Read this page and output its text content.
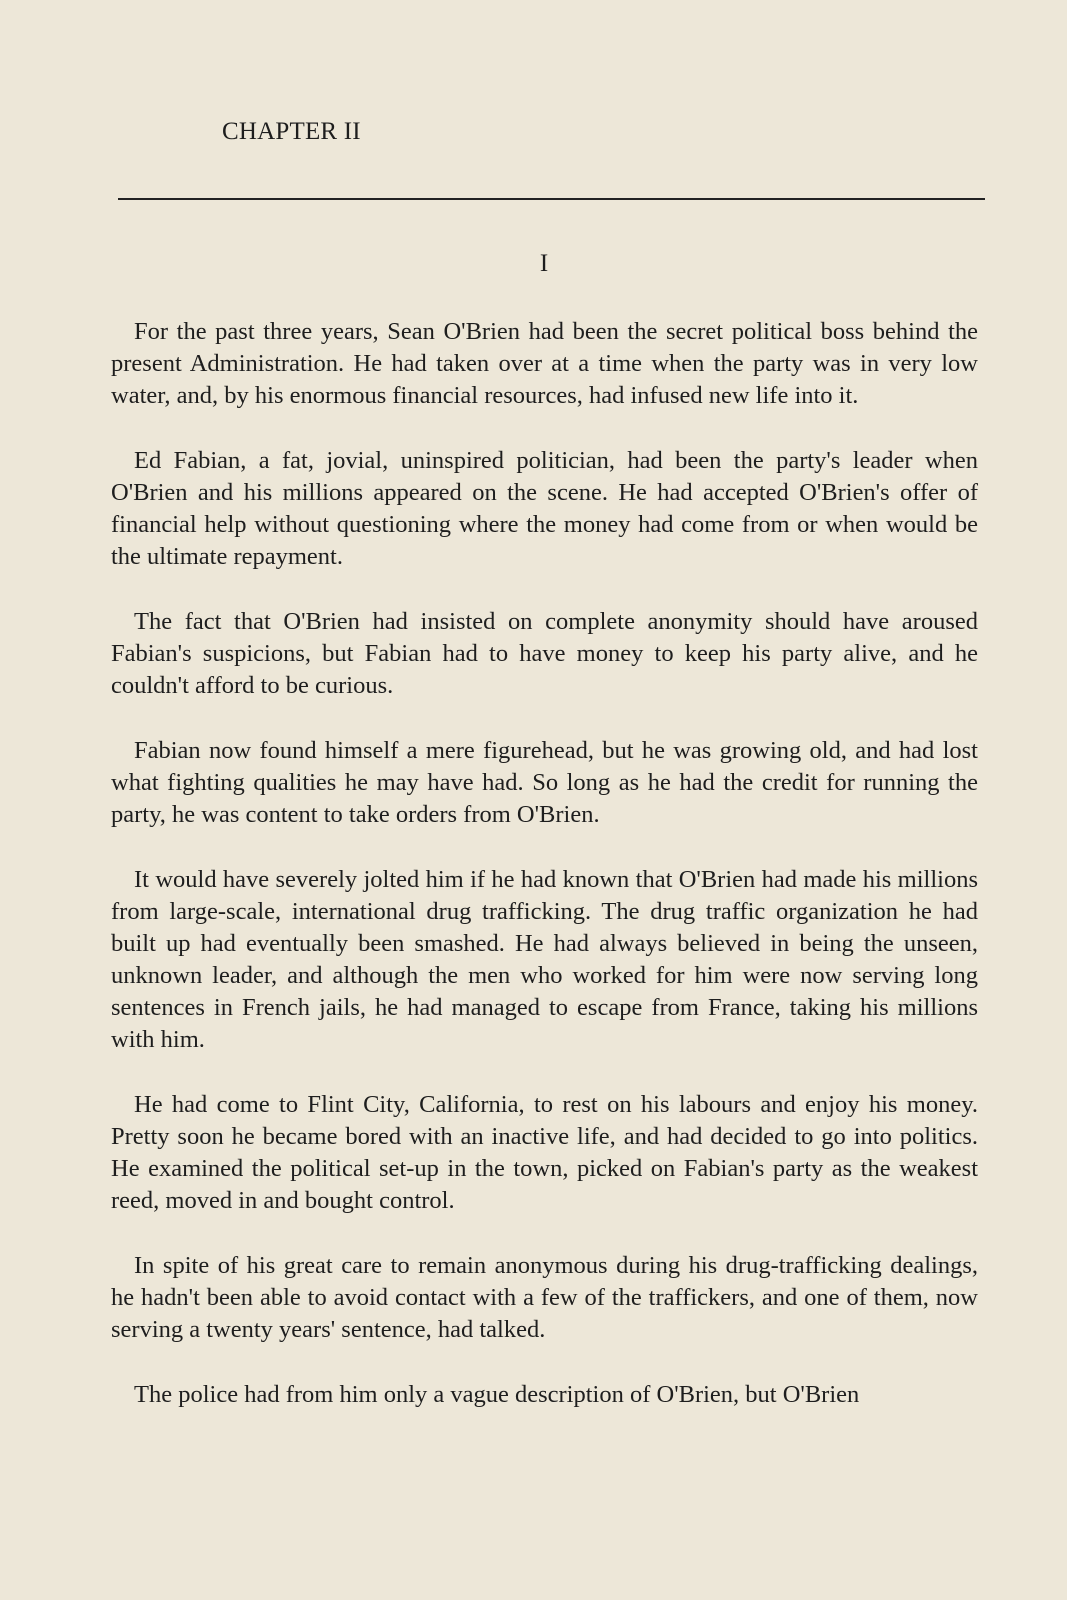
CHAPTER II
I

For the past three years, Sean O'Brien had been the secret political boss behind the present Administration. He had taken over at a time when the party was in very low water, and, by his enormous financial resources, had infused new life into it.

Ed Fabian, a fat, jovial, uninspired politician, had been the party's leader when O'Brien and his millions appeared on the scene. He had accepted O'Brien's offer of financial help without questioning where the money had come from or when would be the ultimate repayment.

The fact that O'Brien had insisted on complete anonymity should have aroused Fabian's suspicions, but Fabian had to have money to keep his party alive, and he couldn't afford to be curious.

Fabian now found himself a mere figurehead, but he was growing old, and had lost what fighting qualities he may have had. So long as he had the credit for running the party, he was content to take orders from O'Brien.

It would have severely jolted him if he had known that O'Brien had made his millions from large-scale, international drug trafficking. The drug traffic organization he had built up had eventually been smashed. He had always believed in being the unseen, unknown leader, and although the men who worked for him were now serving long sentences in French jails, he had managed to escape from France, taking his millions with him.

He had come to Flint City, California, to rest on his labours and enjoy his money. Pretty soon he became bored with an inactive life, and had decided to go into politics. He examined the political set-up in the town, picked on Fabian's party as the weakest reed, moved in and bought control.

In spite of his great care to remain anonymous during his drug-trafficking dealings, he hadn't been able to avoid contact with a few of the traffickers, and one of them, now serving a twenty years' sentence, had talked.

The police had from him only a vague description of O'Brien, but O'Brien
